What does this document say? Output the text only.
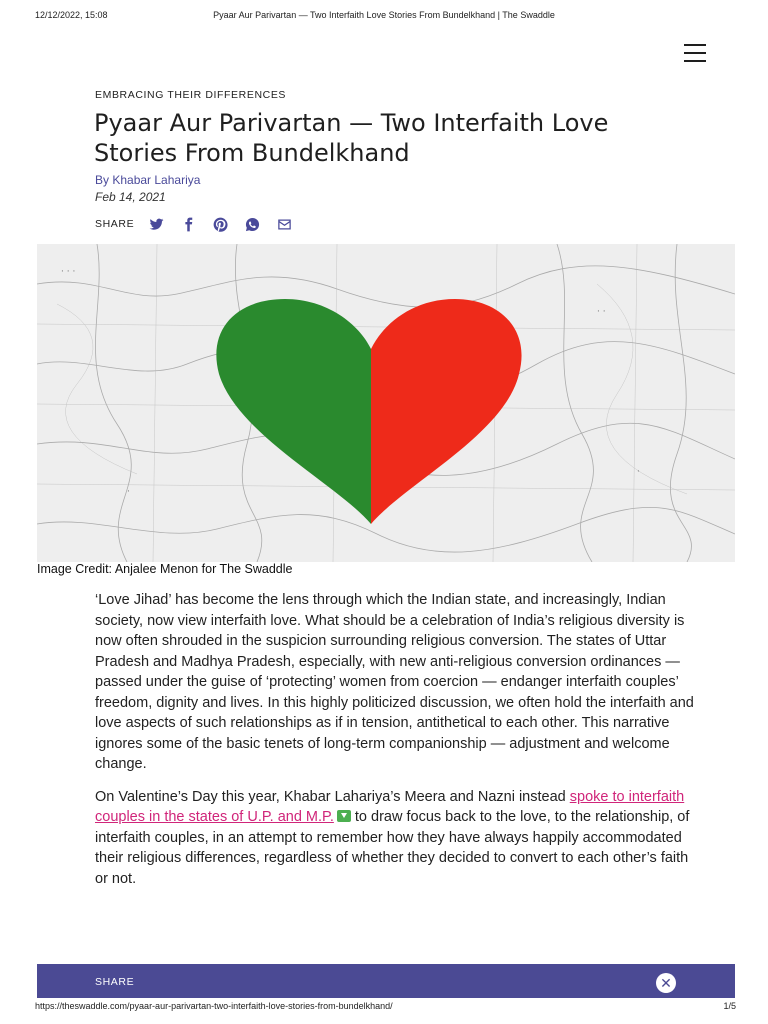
12/12/2022, 15:08	Pyaar Aur Parivartan — Two Interfaith Love Stories From Bundelkhand | The Swaddle
EMBRACING THEIR DIFFERENCES
Pyaar Aur Parivartan — Two Interfaith Love Stories From Bundelkhand
By Khabar Lahariya
Feb 14, 2021
SHARE
· · ·
· ·
·
·
Image Credit: Anjalee Menon for The Swaddle

‘Love Jihad’ has become the lens through which the Indian state, and increasingly, Indian society, now view interfaith love. What should be a celebration of India’s religious diversity is now often shrouded in the suspicion surrounding religious conversion. The states of Uttar Pradesh and Madhya Pradesh, especially, with new anti-religious conversion ordinances — passed under the guise of ‘protecting’ women from coercion — endanger interfaith couples’ freedom, dignity and lives. In this highly politicized discussion, we often hold the interfaith and love aspects of such relationships as if in tension, antithetical to each other. This narrative ignores some of the basic tenets of long-term companionship — adjustment and welcome change.

On Valentine’s Day this year, Khabar Lahariya’s Meera and Nazni instead spoke to interfaith couples in the states of U.P. and M.P. to draw focus back to the love, to the relationship, of interfaith couples, in an attempt to remember how they have always happily accommodated their religious differences, regardless of whether they decided to convert to each other’s faith or not.

SHARE	✕
https://theswaddle.com/pyaar-aur-parivartan-two-interfaith-love-stories-from-bundelkhand/	1/5
